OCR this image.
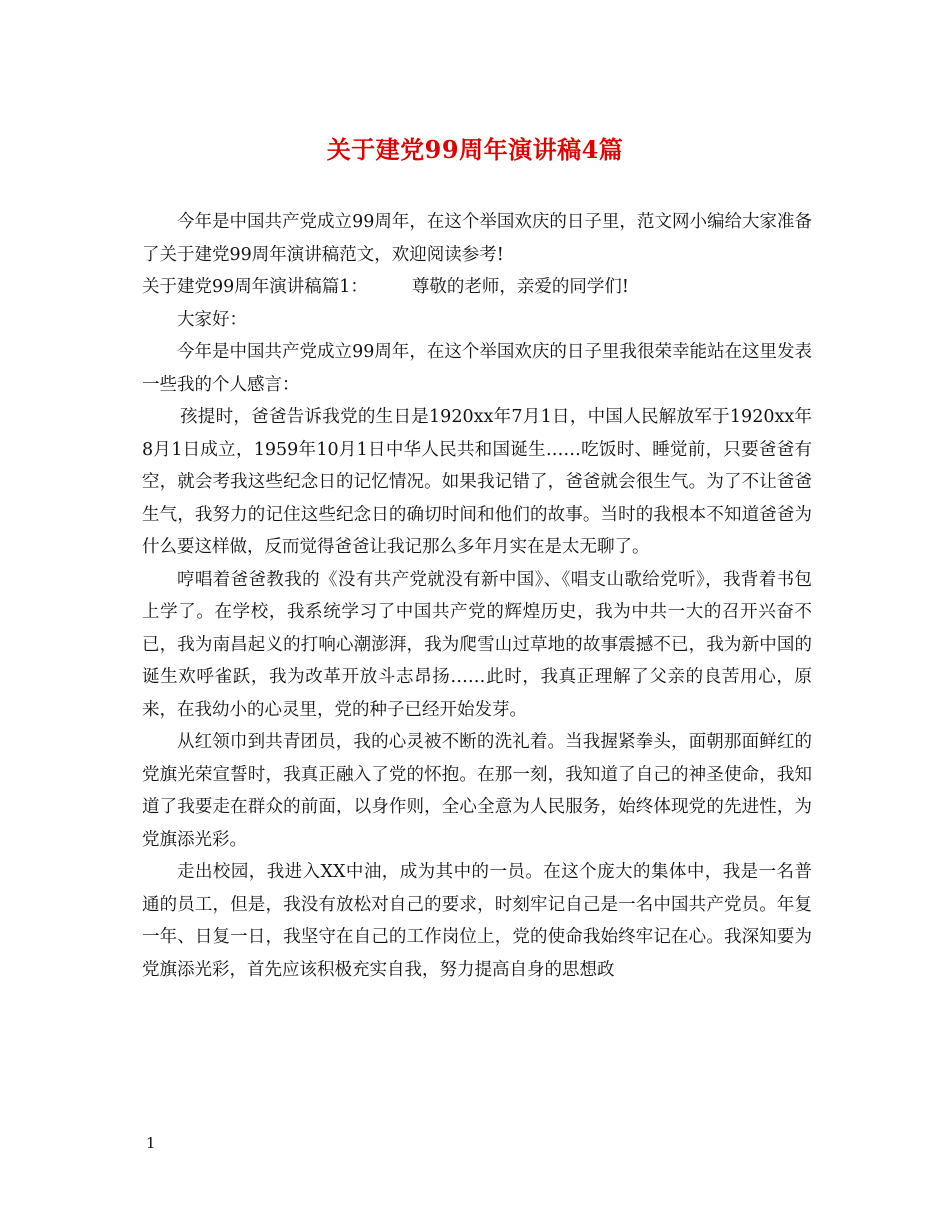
关于建党99周年演讲稿4篇

今年是中国共产党成立99周年，在这个举国欢庆的日子里，范文网小编给大家准备了关于建党99周年演讲稿范文，欢迎阅读参考!

关于建党99周年演讲稿篇1：	尊敬的老师，亲爱的同学们!

大家好：

今年是中国共产党成立99周年，在这个举国欢庆的日子里我很荣幸能站在这里发表一些我的个人感言：

孩提时，爸爸告诉我党的生日是1920xx年7月1日，中国人民解放军于1920xx年8月1日成立，1959年10月1日中华人民共和国诞生……吃饭时、睡觉前，只要爸爸有空，就会考我这些纪念日的记忆情况。如果我记错了，爸爸就会很生气。为了不让爸爸生气，我努力的记住这些纪念日的确切时间和他们的故事。当时的我根本不知道爸爸为什么要这样做，反而觉得爸爸让我记那么多年月实在是太无聊了。

哼唱着爸爸教我的《没有共产党就没有新中国》、《唱支山歌给党听》，我背着书包上学了。在学校，我系统学习了中国共产党的辉煌历史，我为中共一大的召开兴奋不已，我为南昌起义的打响心潮澎湃，我为爬雪山过草地的故事震撼不已，我为新中国的诞生欢呼雀跃，我为改革开放斗志昂扬……此时，我真正理解了父亲的良苦用心，原来，在我幼小的心灵里，党的种子已经开始发芽。

从红领巾到共青团员，我的心灵被不断的洗礼着。当我握紧拳头，面朝那面鲜红的党旗光荣宣誓时，我真正融入了党的怀抱。在那一刻，我知道了自己的神圣使命，我知道了我要走在群众的前面，以身作则，全心全意为人民服务，始终体现党的先进性，为党旗添光彩。

走出校园，我进入XX中油，成为其中的一员。在这个庞大的集体中，我是一名普通的员工，但是，我没有放松对自己的要求，时刻牢记自己是一名中国共产党员。年复一年、日复一日，我坚守在自己的工作岗位上，党的使命我始终牢记在心。我深知要为党旗添光彩，首先应该积极充实自我，努力提高自身的思想政

1
